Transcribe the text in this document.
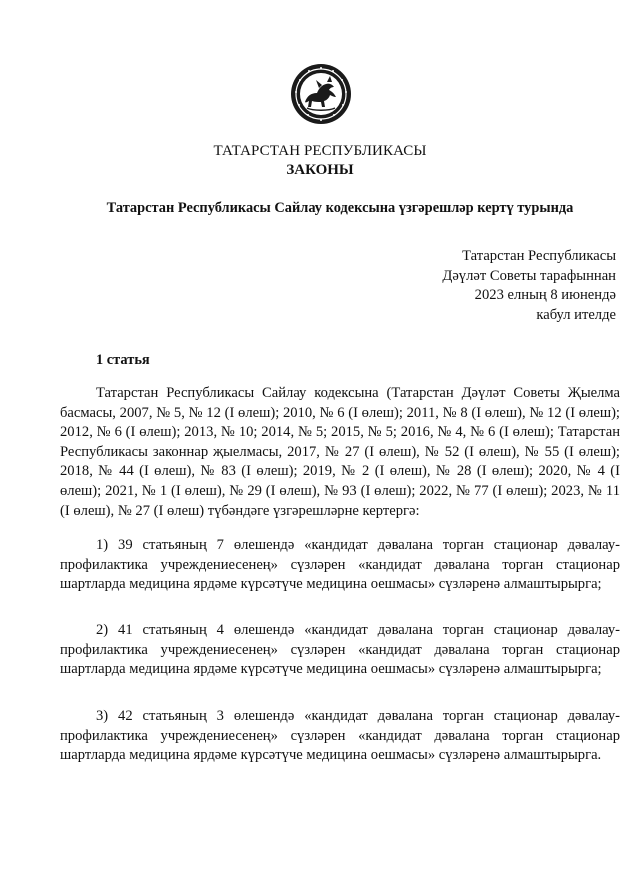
ТАТАРСТАН РЕСПУБЛИКАСЫ
ЗАКОНЫ
Татарстан Республикасы Сайлау кодексына үзгәрешләр кертү турында
Татарстан Республикасы
Дәүләт Советы тарафыннан
2023 елның 8 июнендә
кабул ителде
1 статья

Татарстан Республикасы Сайлау кодексына (Татарстан Дәүләт Советы Җыелма басмасы, 2007, № 5, № 12 (I өлеш); 2010, № 6 (I өлеш); 2011, № 8 (I өлеш), № 12 (I өлеш); 2012, № 6 (I өлеш); 2013, № 10; 2014, № 5; 2015, № 5; 2016, № 4, № 6 (I өлеш); Татарстан Республикасы законнар җыелмасы, 2017, № 27 (I өлеш), № 52 (I өлеш), № 55 (I өлеш); 2018, № 44 (I өлеш), № 83 (I өлеш); 2019, № 2 (I өлеш), № 28 (I өлеш); 2020, № 4 (I өлеш); 2021, № 1 (I өлеш), № 29 (I өлеш), № 93 (I өлеш); 2022, № 77 (I өлеш); 2023, № 11 (I өлеш), № 27 (I өлеш) түбәндәге үзгәрешләрне кертергә:

1) 39 статьяның 7 өлешендә «кандидат дәвалана торган стационар дәвалау-профилактика учреждениесенең» сүзләрен «кандидат дәвалана торган стационар шартларда медицина ярдәме күрсәтүче медицина оешмасы» сүзләренә алмаштырырга;

2) 41 статьяның 4 өлешендә «кандидат дәвалана торган стационар дәвалау-профилактика учреждениесенең» сүзләрен «кандидат дәвалана торган стационар шартларда медицина ярдәме күрсәтүче медицина оешмасы» сүзләренә алмаштырырга;

3) 42 статьяның 3 өлешендә «кандидат дәвалана торган стационар дәвалау-профилактика учреждениесенең» сүзләрен «кандидат дәвалана торган стационар шартларда медицина ярдәме күрсәтүче медицина оешмасы» сүзләренә алмаштырырга.
